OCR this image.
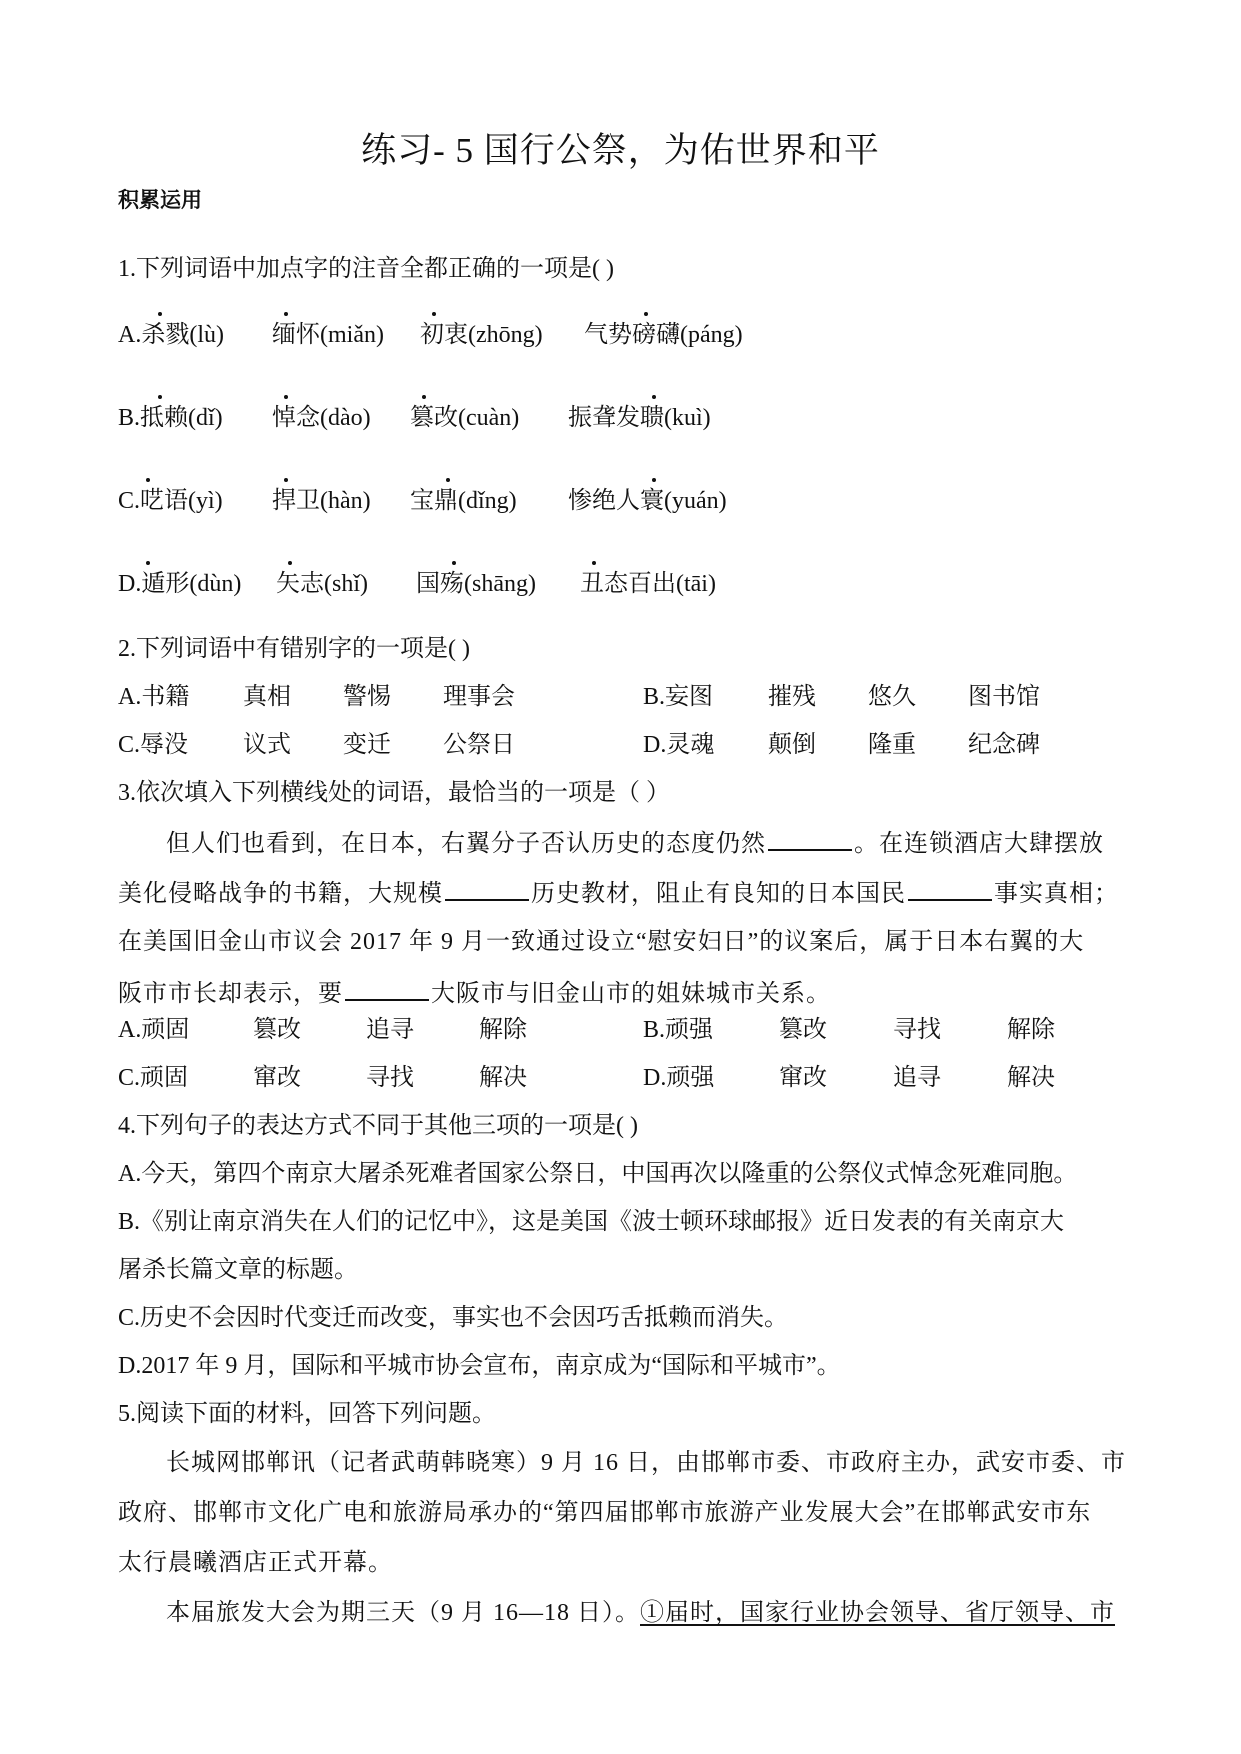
练习- 5 国行公祭，为佑世界和平
积累运用
1.下列词语中加点字的注音全都正确的一项是( )
A.杀戮(lù) 缅怀(miǎn) 初衷(zhōng) 气势磅礴(páng)
B.抵赖(dǐ) 悼念(dào) 篡改(cuàn) 振聋发聩(kuì)
C.呓语(yì) 捍卫(hàn) 宝鼎(dǐng) 惨绝人寰(yuán)
D.遁形(dùn) 矢志(shǐ) 国殇(shāng) 丑态百出(tāi)
2.下列词语中有错别字的一项是( )
A.书籍 真相 警惕 理事会	B.妄图 摧残 悠久 图书馆
C.辱没 议式 变迁 公祭日	D.灵魂 颠倒 隆重 纪念碑
3.依次填入下列横线处的词语，最恰当的一项是（ ）
但人们也看到，在日本，右翼分子否认历史的态度仍然	。在连锁酒店大肆摆放
美化侵略战争的书籍，大规模	历史教材，阻止有良知的日本国民	事实真相；
在美国旧金山市议会 2017 年 9 月一致通过设立“慰安妇日”的议案后，属于日本右翼的大
阪市市长却表示，要	大阪市与旧金山市的姐妹城市关系。
A.顽固	篡改	追寻	解除	B.顽强	篡改	寻找	解除
C.顽固	窜改	寻找	解决	D.顽强	窜改	追寻	解决
4.下列句子的表达方式不同于其他三项的一项是( )
A.今天，第四个南京大屠杀死难者国家公祭日，中国再次以隆重的公祭仪式悼念死难同胞。
B.《别让南京消失在人们的记忆中》，这是美国《波士顿环球邮报》近日发表的有关南京大
屠杀长篇文章的标题。
C.历史不会因时代变迁而改变，事实也不会因巧舌抵赖而消失。
D.2017 年 9 月，国际和平城市协会宣布，南京成为“国际和平城市”。
5.阅读下面的材料，回答下列问题。
长城网邯郸讯（记者武萌韩晓寒）9 月 16 日，由邯郸市委、市政府主办，武安市委、市
政府、邯郸市文化广电和旅游局承办的“第四届邯郸市旅游产业发展大会”在邯郸武安市东
太行晨曦酒店正式开幕。
本届旅发大会为期三天（9 月 16—18 日）。①届时，国家行业协会领导、省厅领导、市
